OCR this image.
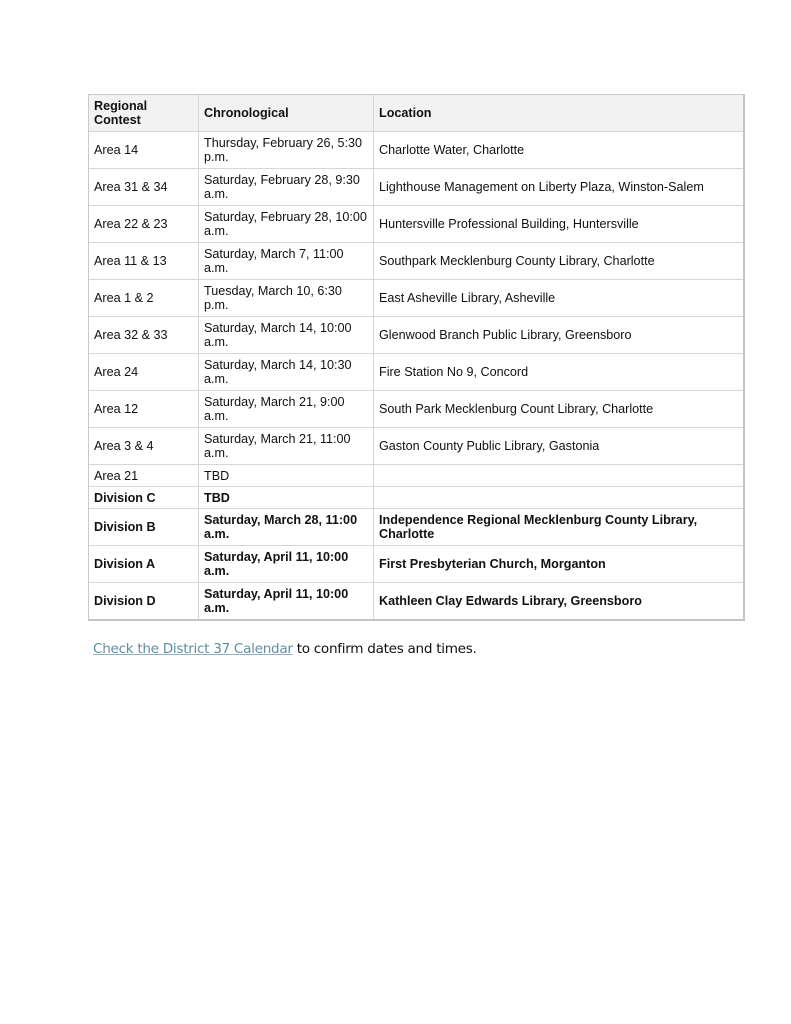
Regional Contest	Chronological	Location
Area 14	Thursday, February 26, 5:30 p.m.	Charlotte Water, Charlotte
Area 31 & 34	Saturday, February 28, 9:30 a.m.	Lighthouse Management on Liberty Plaza, Winston-Salem
Area 22 & 23	Saturday, February 28, 10:00 a.m.	Huntersville Professional Building, Huntersville
Area 11 & 13	Saturday, March 7, 11:00 a.m.	Southpark Mecklenburg County Library, Charlotte
Area 1 & 2	Tuesday, March 10, 6:30 p.m.	East Asheville Library, Asheville
Area 32 & 33	Saturday, March 14, 10:00 a.m.	Glenwood Branch Public Library, Greensboro
Area 24	Saturday, March 14, 10:30 a.m.	Fire Station No 9, Concord
Area 12	Saturday, March 21, 9:00 a.m.	South Park Mecklenburg Count Library, Charlotte
Area 3 & 4	Saturday, March 21, 11:00 a.m.	Gaston County Public Library, Gastonia
Area 21	TBD	
Division C	TBD	
Division B	Saturday, March 28, 11:00 a.m.	Independence Regional Mecklenburg County Library, Charlotte
Division A	Saturday, April 11, 10:00 a.m.	First Presbyterian Church, Morganton
Division D	Saturday, April 11, 10:00 a.m.	Kathleen Clay Edwards Library, Greensboro
Check the District 37 Calendar to confirm dates and times.
